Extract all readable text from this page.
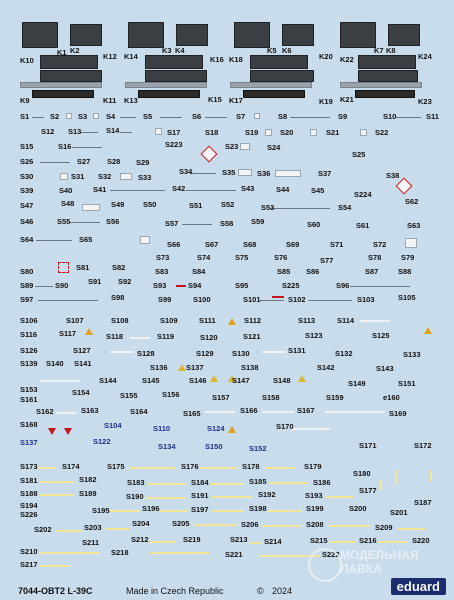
K1 K2	K3 K4	K5 K6	K7 K8
K10	K12 K14	K16 K18	K20 K22	K24
K9	K11 K13	K15 K17	K19 K21	K23
S1	S2	S3	S4	S5	S6	S7	S8	S9	S10	S11
S12 S13	S14	S17	S18	S19	S20	S21	S22
S15	S16	S223	S23	S24
S25
S26	S27 S28 S29
S30	S31 S32	S33
S34	S35	S36	S37	S38
S39	S40	S41	S42	S43	S44	S45	S224
S47	S48	S49 S50	S51 S52	S53	S54
S62
S46	S55	S56	S57	S58 S59	S60	S61	S63
S64	S65
S66	S67	S68	S69	S71	S72
S73	S74	S75	S76	S77	S78	S79
S80	S81	S82	S83	S84	S85 S86	S87	S88
S89	S90	S91 S92	S93	S94	S95	S225	S96
S97	S98	S99	S100	S101	S102	S103	S105
S106	S107	S108	S109	S111	S112	S113	S114
S116	S117	S118	S119	S120	S121	S123	S125
S126	S127	S128	S129 S130	S131	S132	S133
S139 S140 S141	S136 S137	S138	S142	S143
S144	S145	S146	S147	S148	S149	S151
S153	S154	S155	S156	S157	S158	S159	e160
S161
S162	S163	S164	S165	S166	S167	S169
S168	S104	S110	S124	S170
S137	S122
S134	S150	S152	S171	S172
S173	S174	S175	S176	S178	S179
S180
S181	S182	S183	S184	S185	S186
S177
S188	S189	S190	S191	S192	S193
S187
S194
S195	S196	S197	S198	S199	S200	S201
S226
S202	S203	S204	S205	S206	S208	S209
S211	S212	S219	S213 S214	S215	S216	S220
S210	S218	S221	S222
S217
7044-OBT2 L-39C	Made in Czech Republic	© 2024
МОДЕЛЬНАЯ
ЛАВКА
eduard
